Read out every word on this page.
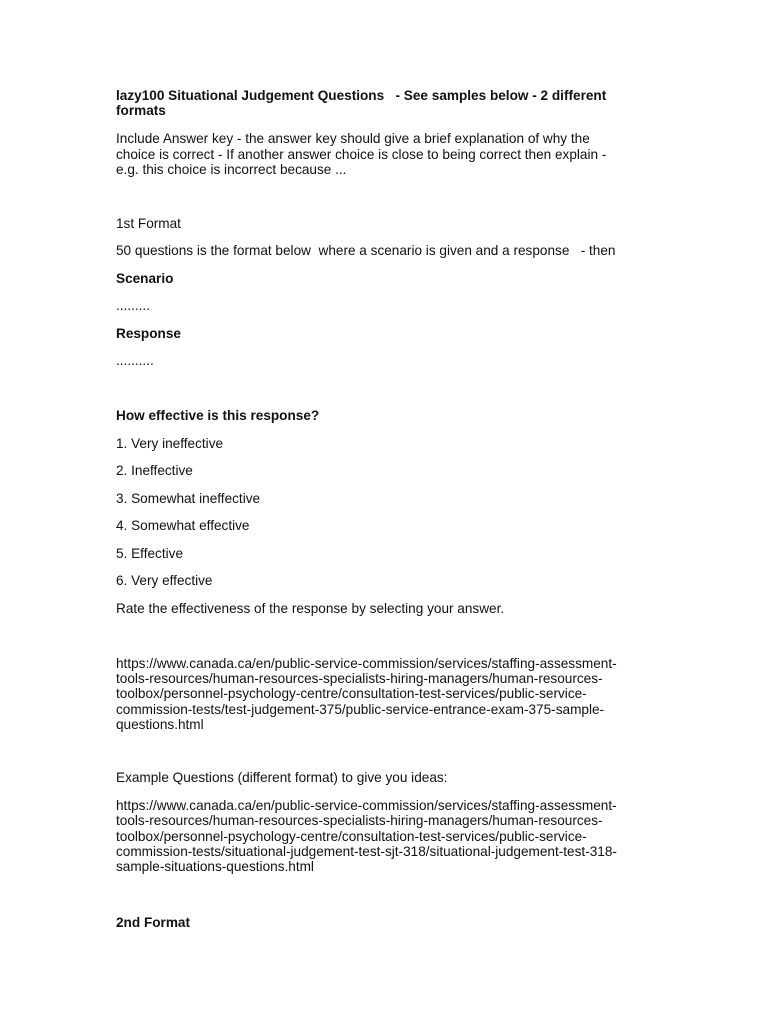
lazy100 Situational Judgement Questions   - See samples below - 2 different

formats

Include Answer key - the answer key should give a brief explanation of why the

choice is correct - If another answer choice is close to being correct then explain -

e.g. this choice is incorrect because ...

1st Format

50 questions is the format below  where a scenario is given and a response   - then

Scenario

.........

Response

..........

How effective is this response?

1. Very ineffective

2. Ineffective

3. Somewhat ineffective

4. Somewhat effective

5. Effective

6. Very effective

Rate the effectiveness of the response by selecting your answer.

https://www.canada.ca/en/public-service-commission/services/staffing-assessment-

tools-resources/human-resources-specialists-hiring-managers/human-resources-

toolbox/personnel-psychology-centre/consultation-test-services/public-service-

commission-tests/test-judgement-375/public-service-entrance-exam-375-sample-

questions.html

Example Questions (different format) to give you ideas:

https://www.canada.ca/en/public-service-commission/services/staffing-assessment-

tools-resources/human-resources-specialists-hiring-managers/human-resources-

toolbox/personnel-psychology-centre/consultation-test-services/public-service-

commission-tests/situational-judgement-test-sjt-318/situational-judgement-test-318-

sample-situations-questions.html

2nd Format
